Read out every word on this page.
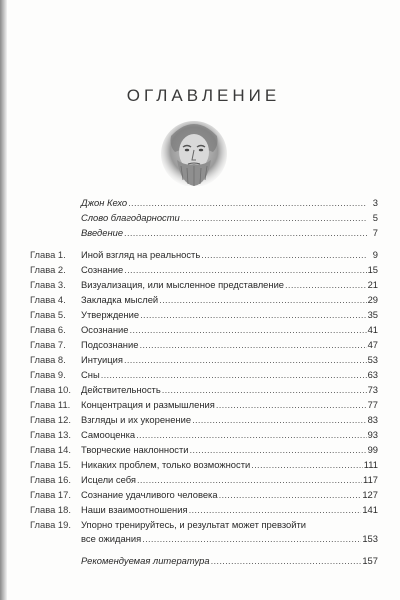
ОГЛАВЛЕНИЕ
Джон Кехо .....	3
Слово благодарности .....	5
Введение .....	7
Глава 1.	Иной взгляд на реальность .....	9
Глава 2.	Сознание .....	15
Глава 3.	Визуализация, или мысленное представление .....	21
Глава 4.	Закладка мыслей .....	29
Глава 5.	Утверждение .....	35
Глава 6.	Осознание .....	41
Глава 7.	Подсознание .....	47
Глава 8.	Интуиция .....	53
Глава 9.	Сны .....	63
Глава 10.	Действительность .....	73
Глава 11.	Концентрация и размышления .....	77
Глава 12.	Взгляды и их укоренение .....	83
Глава 13.	Самооценка .....	93
Глава 14.	Творческие наклонности .....	99
Глава 15.	Никаких проблем, только возможности .....	111
Глава 16.	Исцели себя .....	117
Глава 17.	Сознание удачливого человека .....	127
Глава 18.	Наши взаимоотношения .....	141
Глава 19.	Упорно тренируйтесь, и результат может превзойти
все ожидания .....	153
Рекомендуемая литература .....	157
